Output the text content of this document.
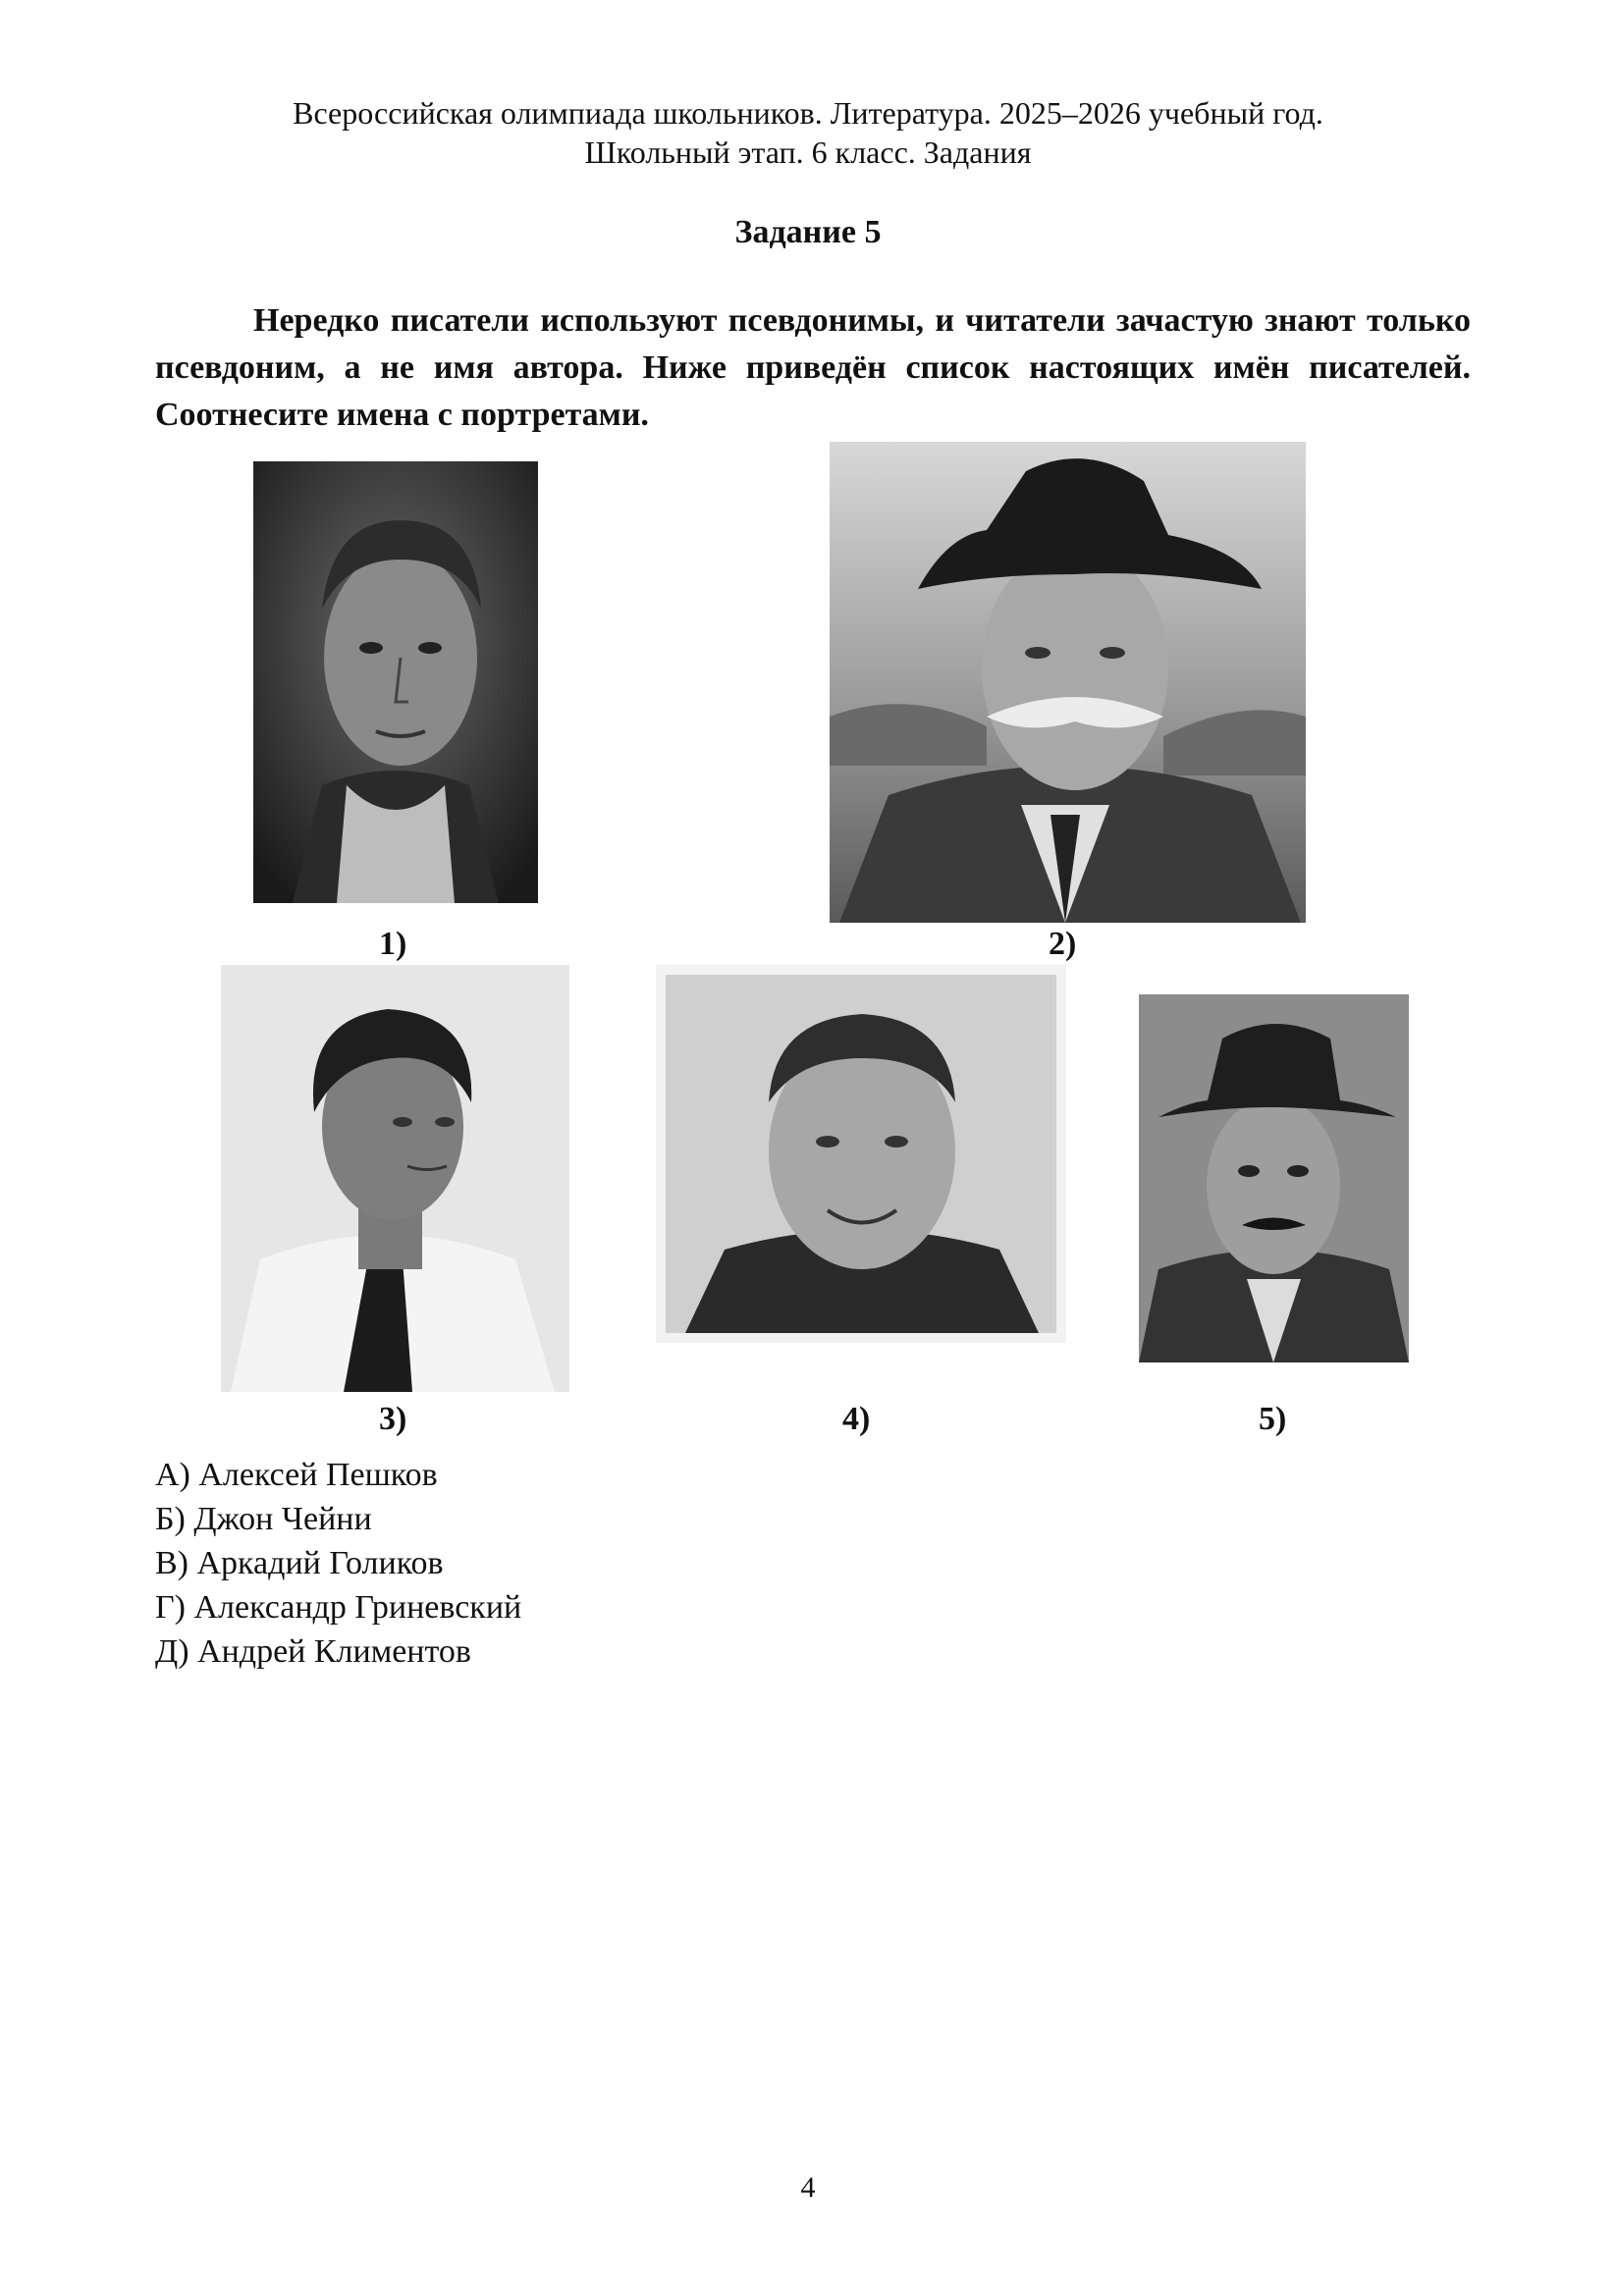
Всероссийская олимпиада школьников. Литература. 2025–2026 учебный год.
Школьный этап. 6 класс. Задания
Задание 5
Нередко писатели используют псевдонимы, и читатели зачастую знают только псевдоним, а не имя автора. Ниже приведён список настоящих имён писателей. Соотнесите имена с портретами.
1)	2)
3)	4)	5)
А) Алексей Пешков
Б) Джон Чейни
В) Аркадий Голиков
Г) Александр Гриневский
Д) Андрей Климентов
4
